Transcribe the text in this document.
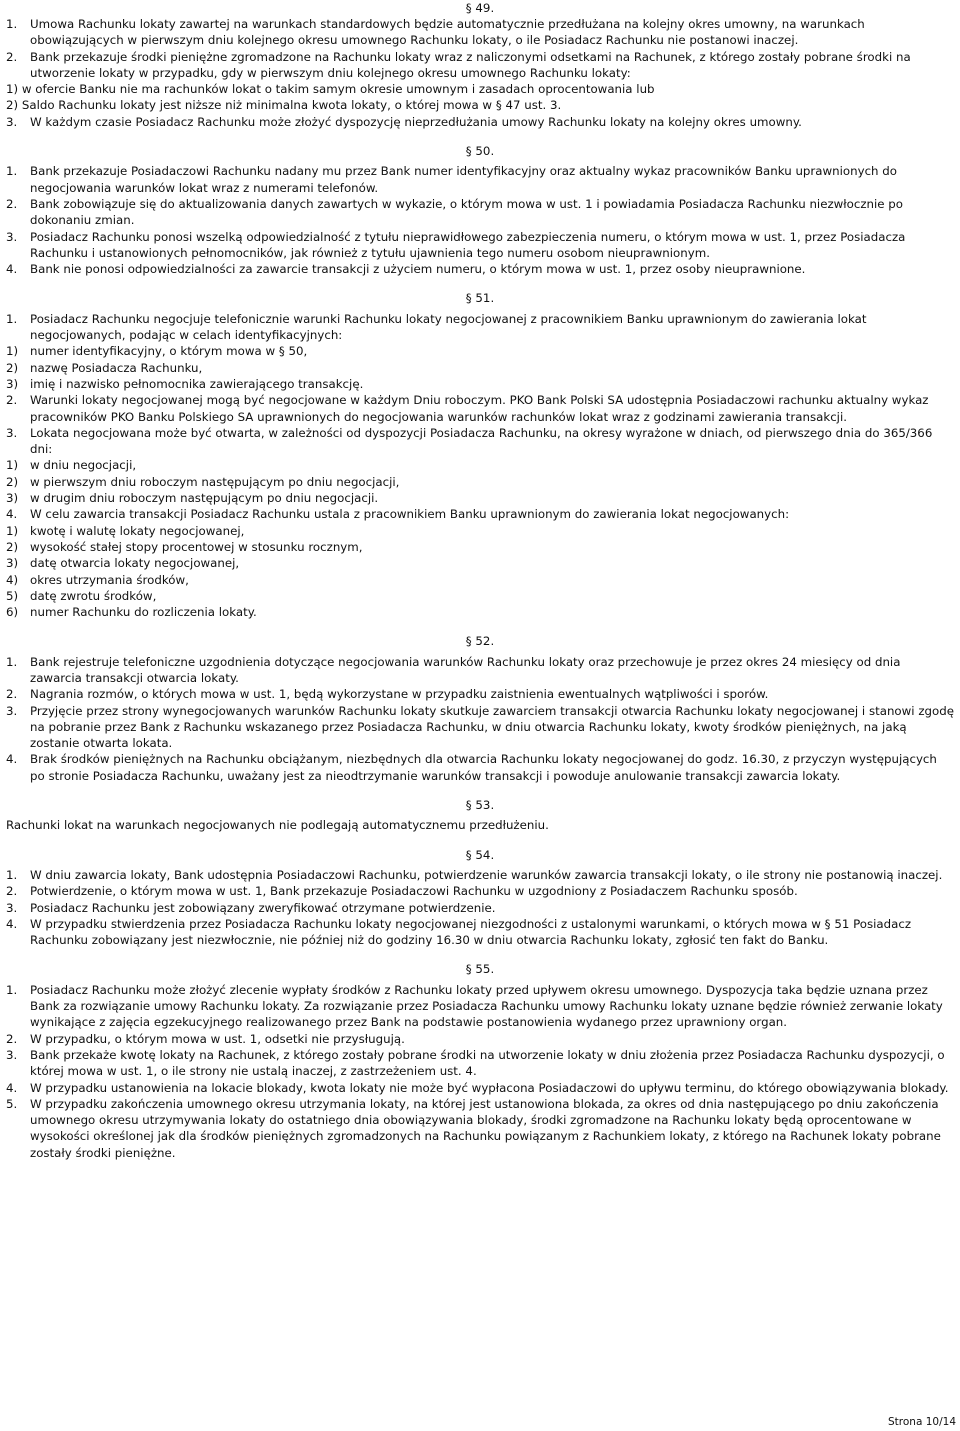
§ 49.

1. Umowa Rachunku lokaty zawartej na warunkach standardowych będzie automatycznie przedłużana na kolejny okres umowny, na warunkach obowiązujących w pierwszym dniu kolejnego okresu umownego Rachunku lokaty, o ile Posiadacz Rachunku nie postanowi inaczej.
2. Bank przekazuje środki pieniężne zgromadzone na Rachunku lokaty wraz z naliczonymi odsetkami na Rachunek, z którego zostały pobrane środki na utworzenie lokaty w przypadku, gdy w pierwszym dniu kolejnego okresu umownego Rachunku lokaty:
1) w ofercie Banku nie ma rachunków lokat o takim samym okresie umownym i zasadach oprocentowania lub
2) Saldo Rachunku lokaty jest niższe niż minimalna kwota lokaty, o której mowa w § 47 ust. 3.
3. W każdym czasie Posiadacz Rachunku może złożyć dyspozycję nieprzedłużania umowy Rachunku lokaty na kolejny okres umowny.

§ 50.

1. Bank przekazuje Posiadaczowi Rachunku nadany mu przez Bank numer identyfikacyjny oraz aktualny wykaz pracowników Banku uprawnionych do negocjowania warunków lokat wraz z numerami telefonów.
2. Bank zobowiązuje się do aktualizowania danych zawartych w wykazie, o którym mowa w ust. 1 i powiadamia Posiadacza Rachunku niezwłocznie po dokonaniu zmian.
3. Posiadacz Rachunku ponosi wszelką odpowiedzialność z tytułu nieprawidłowego zabezpieczenia numeru, o którym mowa w ust. 1, przez Posiadacza Rachunku i ustanowionych pełnomocników, jak również z tytułu ujawnienia tego numeru osobom nieuprawnionym.
4. Bank nie ponosi odpowiedzialności za zawarcie transakcji z użyciem numeru, o którym mowa w ust. 1, przez osoby nieuprawnione.

§ 51.

1. Posiadacz Rachunku negocjuje telefonicznie warunki Rachunku lokaty negocjowanej z pracownikiem Banku uprawnionym do zawierania lokat negocjowanych, podając w celach identyfikacyjnych:
1) numer identyfikacyjny, o którym mowa w § 50,
2) nazwę Posiadacza Rachunku,
3) imię i nazwisko pełnomocnika zawierającego transakcję.
2. Warunki lokaty negocjowanej mogą być negocjowane w każdym Dniu roboczym. PKO Bank Polski SA udostępnia Posiadaczowi rachunku aktualny wykaz pracowników PKO Banku Polskiego SA uprawnionych do negocjowania warunków rachunków lokat wraz z godzinami zawierania transakcji.
3. Lokata negocjowana może być otwarta, w zależności od dyspozycji Posiadacza Rachunku, na okresy wyrażone w dniach, od pierwszego dnia do 365/366 dni:
1) w dniu negocjacji,
2) w pierwszym dniu roboczym następującym po dniu negocjacji,
3) w drugim dniu roboczym następującym po dniu negocjacji.
4. W celu zawarcia transakcji Posiadacz Rachunku ustala z pracownikiem Banku uprawnionym do zawierania lokat negocjowanych:
1) kwotę i walutę lokaty negocjowanej,
2) wysokość stałej stopy procentowej w stosunku rocznym,
3) datę otwarcia lokaty negocjowanej,
4) okres utrzymania środków,
5) datę zwrotu środków,
6) numer Rachunku do rozliczenia lokaty.

§ 52.

1. Bank rejestruje telefoniczne uzgodnienia dotyczące negocjowania warunków Rachunku lokaty oraz przechowuje je przez okres 24 miesięcy od dnia zawarcia transakcji otwarcia lokaty.
2. Nagrania rozmów, o których mowa w ust. 1, będą wykorzystane w przypadku zaistnienia ewentualnych wątpliwości i sporów.
3. Przyjęcie przez strony wynegocjowanych warunków Rachunku lokaty skutkuje zawarciem transakcji otwarcia Rachunku lokaty negocjowanej i stanowi zgodę na pobranie przez Bank z Rachunku wskazanego przez Posiadacza Rachunku, w dniu otwarcia Rachunku lokaty, kwoty środków pieniężnych, na jaką zostanie otwarta lokata.
4. Brak środków pieniężnych na Rachunku obciążanym, niezbędnych dla otwarcia Rachunku lokaty negocjowanej do godz. 16.30, z przyczyn występujących po stronie Posiadacza Rachunku, uważany jest za nieodtrzymanie warunków transakcji i powoduje anulowanie transakcji zawarcia lokaty.

§ 53.

Rachunki lokat na warunkach negocjowanych nie podlegają automatycznemu przedłużeniu.

§ 54.

1. W dniu zawarcia lokaty, Bank udostępnia Posiadaczowi Rachunku, potwierdzenie warunków zawarcia transakcji lokaty, o ile strony nie postanowią inaczej.
2. Potwierdzenie, o którym mowa w ust. 1, Bank przekazuje Posiadaczowi Rachunku w uzgodniony z Posiadaczem Rachunku sposób.
3. Posiadacz Rachunku jest zobowiązany zweryfikować otrzymane potwierdzenie.
4. W przypadku stwierdzenia przez Posiadacza Rachunku lokaty negocjowanej niezgodności z ustalonymi warunkami, o których mowa w § 51 Posiadacz Rachunku zobowiązany jest niezwłocznie, nie później niż do godziny 16.30 w dniu otwarcia Rachunku lokaty, zgłosić ten fakt do Banku.

§ 55.

1. Posiadacz Rachunku może złożyć zlecenie wypłaty środków z Rachunku lokaty przed upływem okresu umownego. Dyspozycja taka będzie uznana przez Bank za rozwiązanie umowy Rachunku lokaty. Za rozwiązanie przez Posiadacza Rachunku umowy Rachunku lokaty uznane będzie również zerwanie lokaty wynikające z zajęcia egzekucyjnego realizowanego przez Bank na podstawie postanowienia wydanego przez uprawniony organ.
2. W przypadku, o którym mowa w ust. 1, odsetki nie przysługują.
3. Bank przekaże kwotę lokaty na Rachunek, z którego zostały pobrane środki na utworzenie lokaty w dniu złożenia przez Posiadacza Rachunku dyspozycji, o której mowa w ust. 1, o ile strony nie ustalą inaczej, z zastrzeżeniem ust. 4.
4. W przypadku ustanowienia na lokacie blokady, kwota lokaty nie może być wypłacona Posiadaczowi do upływu terminu, do którego obowiązywania blokady.
5. W przypadku zakończenia umownego okresu utrzymania lokaty, na której jest ustanowiona blokada, za okres od dnia następującego po dniu zakończenia umownego okresu utrzymywania lokaty do ostatniego dnia obowiązywania blokady, środki zgromadzone na Rachunku lokaty będą oprocentowane w wysokości określonej jak dla środków pieniężnych zgromadzonych na Rachunku powiązanym z Rachunkiem lokaty, z którego na Rachunek lokaty pobrane zostały środki pieniężne.
Strona 10/14
